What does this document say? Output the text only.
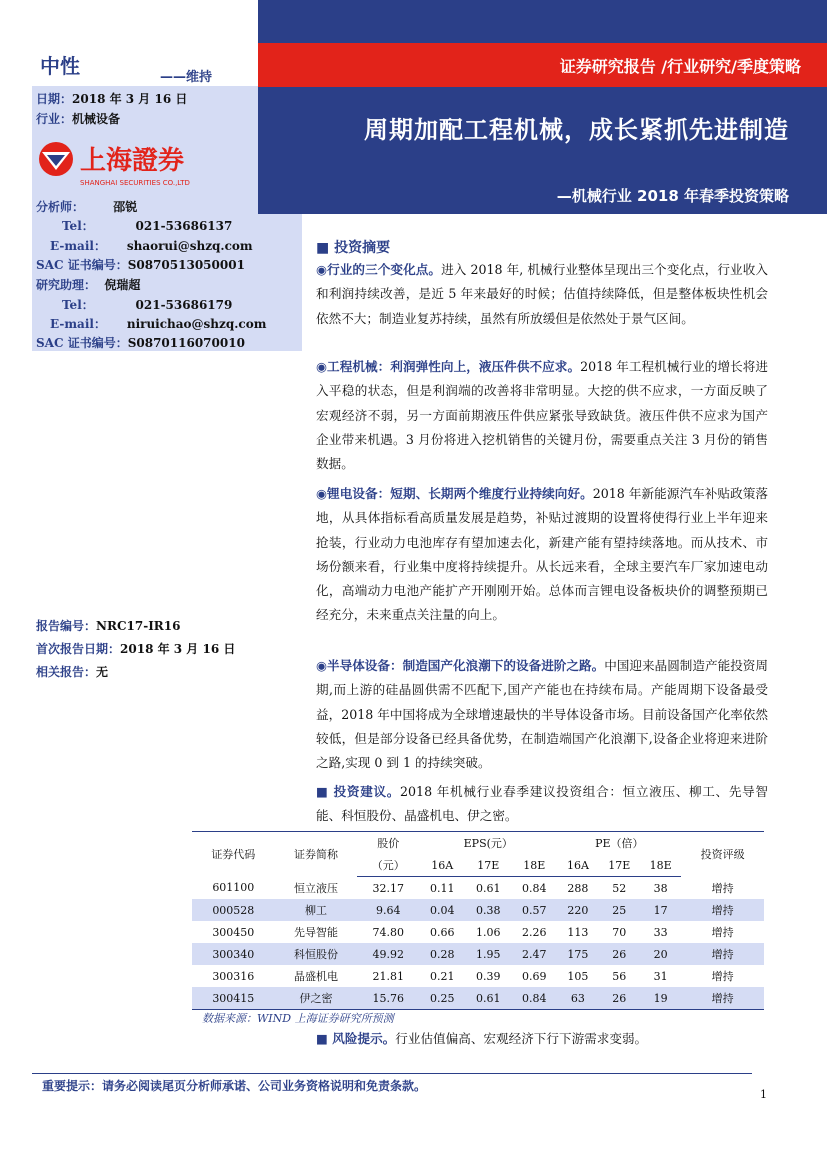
中性	——维持
证券研究报告 /行业研究/季度策略
周期加配工程机械，成长紧抓先进制造
—机械行业 2018 年春季投资策略
日期：2018 年 3 月 16 日
行业：机械设备
上海證券
SHANGHAI SECURITIES CO.,LTD
分析师： 邵锐
Tel：	021-53686137
E-mail： shaorui@shzq.com
SAC 证书编号：S0870513050001
研究助理： 倪瑞超
Tel：	021-53686179
E-mail： niruichao@shzq.com
SAC 证书编号：S0870116070010
报告编号：NRC17-IR16
首次报告日期：2018 年 3 月 16 日
相关报告：无
■ 投资摘要
◉行业的三个变化点。进入 2018 年, 机械行业整体呈现出三个变化点，行业收入和利润持续改善，是近 5 年来最好的时候；估值持续降低，但是整体板块性机会依然不大；制造业复苏持续，虽然有所放缓但是依然处于景气区间。
◉工程机械：利润弹性向上，液压件供不应求。2018 年工程机械行业的增长将进入平稳的状态，但是利润端的改善将非常明显。大挖的供不应求，一方面反映了宏观经济不弱，另一方面前期液压件供应紧张导致缺货。液压件供不应求为国产企业带来机遇。3 月份将进入挖机销售的关键月份，需要重点关注 3 月份的销售数据。
◉锂电设备：短期、长期两个维度行业持续向好。2018 年新能源汽车补贴政策落地，从具体指标看高质量发展是趋势，补贴过渡期的设置将使得行业上半年迎来抢装，行业动力电池库存有望加速去化，新建产能有望持续落地。而从技术、市场份额来看，行业集中度将持续提升。从长远来看，全球主要汽车厂家加速电动化，高端动力电池产能扩产开刚刚开始。总体而言锂电设备板块价的调整预期已经充分，未来重点关注量的向上。
◉半导体设备：制造国产化浪潮下的设备进阶之路。中国迎来晶圆制造产能投资周期,而上游的硅晶圆供需不匹配下,国产产能也在持续布局。产能周期下设备最受益，2018 年中国将成为全球增速最快的半导体设备市场。目前设备国产化率依然较低，但是部分设备已经具备优势，在制造端国产化浪潮下,设备企业将迎来进阶之路,实现 0 到 1 的持续突破。
■ 投资建议。2018 年机械行业春季建议投资组合：恒立液压、柳工、先导智能、科恒股份、晶盛机电、伊之密。
证券代码	证券简称	股价	EPS(元）			PE（倍）			投资评级
		（元）	16A	17E	18E	16A	17E	18E	
601100	恒立液压	32.17	0.11	0.61	0.84	288	52	38	增持
000528	柳工	9.64	0.04	0.38	0.57	220	25	17	增持
300450	先导智能	74.80	0.66	1.06	2.26	113	70	33	增持
300340	科恒股份	49.92	0.28	1.95	2.47	175	26	20	增持
300316	晶盛机电	21.81	0.21	0.39	0.69	105	56	31	增持
300415	伊之密	15.76	0.25	0.61	0.84	63	26	19	增持
数据来源：WIND 上海证券研究所预测
■ 风险提示。行业估值偏高、宏观经济下行下游需求变弱。
重要提示：请务必阅读尾页分析师承诺、公司业务资格说明和免责条款。
1
